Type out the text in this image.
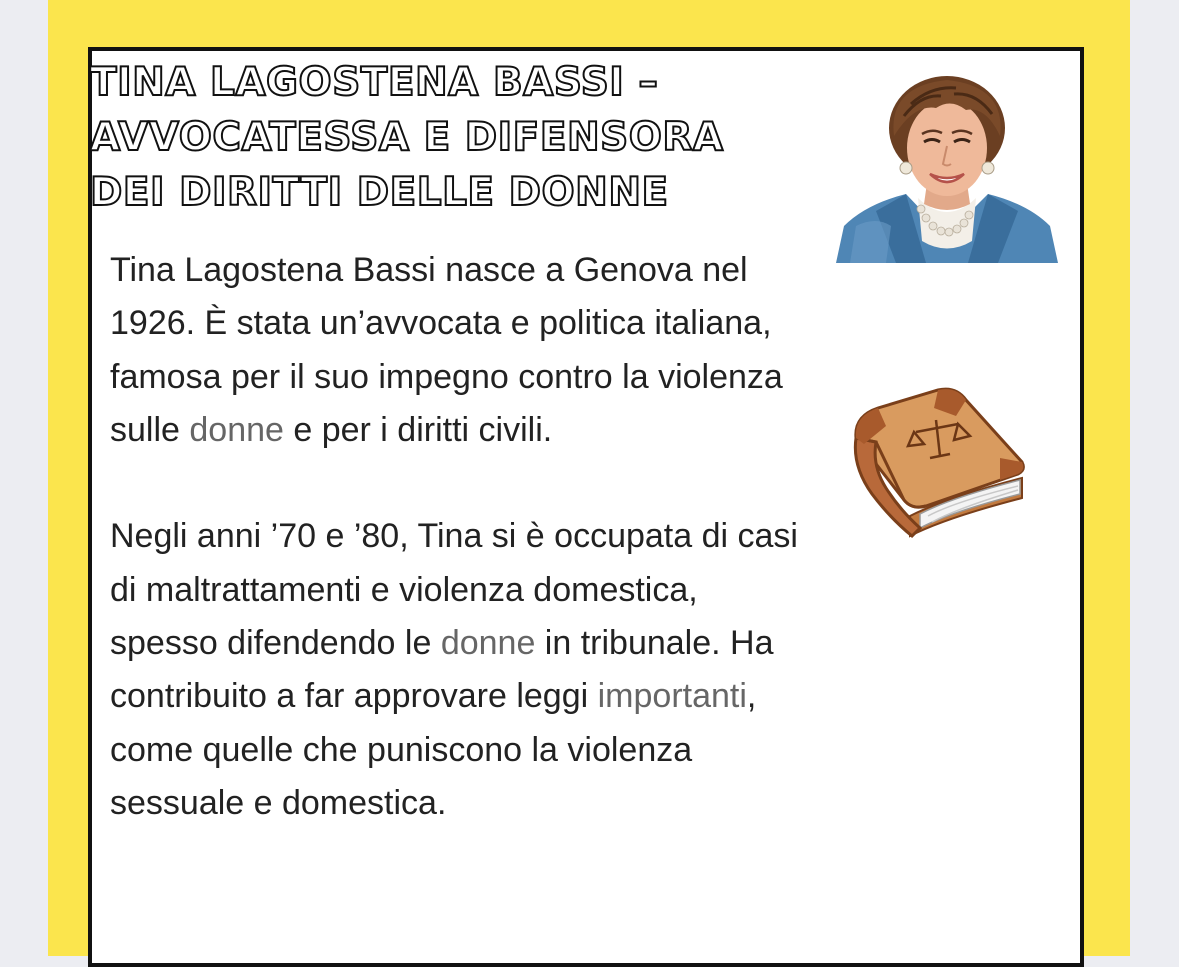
TINA LAGOSTENA BASSI –
AVVOCATESSA E DIFENSORA
DEI DIRITTI DELLE DONNE

Tina Lagostena Bassi nasce a Genova nel 1926. È stata un’avvocata e politica italiana, famosa per il suo impegno contro la violenza sulle donne e per i diritti civili.

Negli anni ’70 e ’80, Tina si è occupata di casi di maltrattamenti e violenza domestica, spesso difendendo le donne in tribunale. Ha contribuito a far approvare leggi importanti, come quelle che puniscono la violenza sessuale e domestica.
